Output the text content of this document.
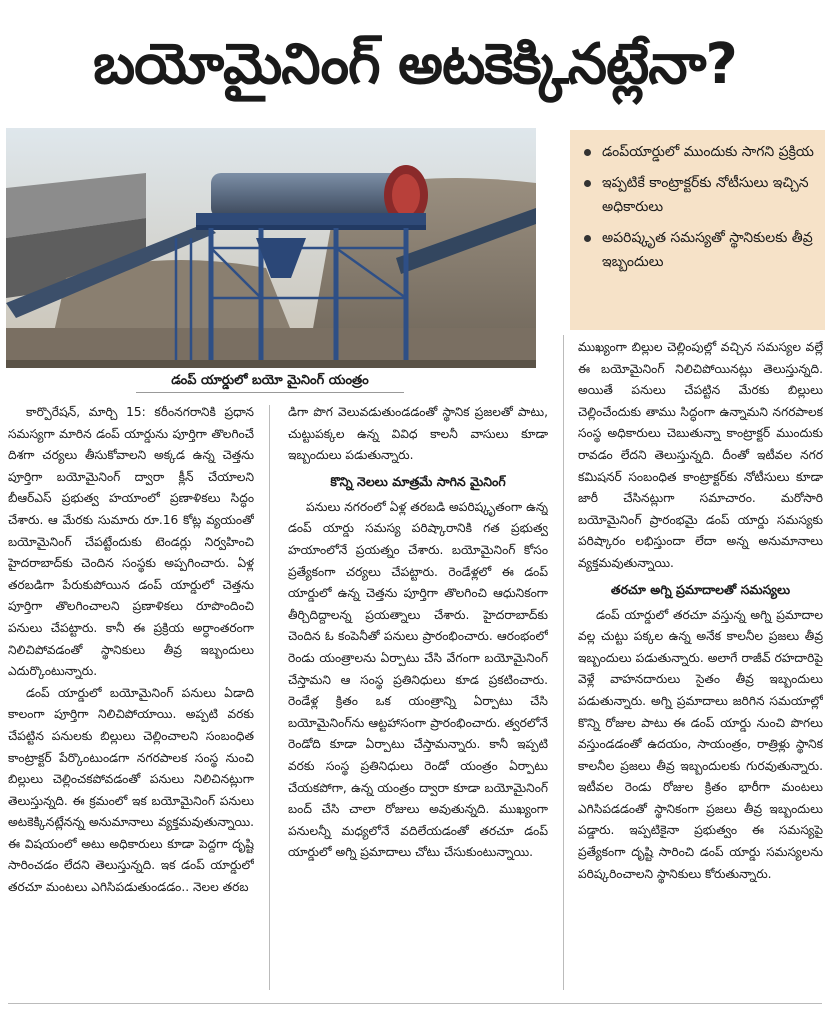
బయోమైనింగ్ అటకెక్కినట్లేనా?
డంప్ యార్డులో బయో మైనింగ్ యంత్రం
డంప్‌యార్డులో ముందుకు సాగని ప్రక్రియ
ఇప్పటికే కాంట్రాక్టర్‌కు నోటీసులు ఇచ్చిన అధికారులు
అపరిష్కృత సమస్యతో స్థానికులకు తీవ్ర ఇబ్బందులు

కార్పొరేషన్, మార్చి 15: కరీంనగరానికి ప్రధాన సమస్యగా మారిన డంప్ యార్డును పూర్తిగా తొలగించే దిశగా చర్యలు తీసుకోవాలని అక్కడ ఉన్న చెత్తను పూర్తిగా బయోమైనింగ్ ద్వారా క్లీన్ చేయాలని బీఆర్ఎస్ ప్రభుత్వ హయాంలో ప్రణాళికలు సిద్ధం చేశారు. ఆ మేరకు సుమారు రూ.16 కోట్ల వ్యయంతో బయోమైనింగ్ చేపట్టేందుకు టెండర్లు నిర్వహించి హైదరాబాద్‌కు చెందిన సంస్థకు అప్పగించారు. ఏళ్ల తరబడిగా పేరుకుపోయిన డంప్ యార్డులో చెత్తను పూర్తిగా తొలగించాలని ప్రణాళికలు రూపొందించి పనులు చేపట్టారు. కానీ ఈ ప్రక్రియ అర్ధాంతరంగా నిలిచిపోవడంతో స్థానికులు తీవ్ర ఇబ్బందులు ఎదుర్కొంటున్నారు.

డంప్ యార్డులో బయోమైనింగ్ పనులు ఏడాది కాలంగా పూర్తిగా నిలిచిపోయాయి. అప్పటి వరకు చేపట్టిన పనులకు బిల్లులు చెల్లించాలని సంబంధిత కాంట్రాక్టర్ పేర్కొంటుండగా నగరపాలక సంస్థ నుంచి బిల్లులు చెల్లించకపోవడంతో పనులు నిలిచినట్లుగా తెలుస్తున్నది. ఈ క్రమంలో ఇక బయోమైనింగ్ పనులు అటకెక్కినట్లేనన్న అనుమానాలు వ్యక్తమవుతున్నాయి. ఈ విషయంలో అటు అధికారులు కూడా పెద్దగా దృష్టి సారించడం లేదని తెలుస్తున్నది. ఇక డంప్ యార్డులో తరచూ మంటలు ఎగిసిపడుతుండడం.. నెలల తరబ

డిగా పొగ వెలువడుతుండడంతో స్థానిక ప్రజలతో పాటు, చుట్టుపక్కల ఉన్న వివిధ కాలనీ వాసులు కూడా ఇబ్బందులు పడుతున్నారు.

కొన్ని నెలలు మాత్రమే సాగిన మైనింగ్

పనులు నగరంలో ఏళ్ల తరబడి అపరిష్కృతంగా ఉన్న డంప్ యార్డు సమస్య పరిష్కారానికి గత ప్రభుత్వ హయాంలోనే ప్రయత్నం చేశారు. బయోమైనింగ్ కోసం ప్రత్యేకంగా చర్యలు చేపట్టారు. రెండేళ్లలో ఈ డంప్ యార్డులో ఉన్న చెత్తను పూర్తిగా తొలగించి ఆధునికంగా తీర్చిదిద్దాలన్న ప్రయత్నాలు చేశారు. హైదరాబాద్‌కు చెందిన ఓ కంపెనీతో పనులు ప్రారంభించారు. ఆరంభంలో రెండు యంత్రాలను ఏర్పాటు చేసి వేగంగా బయోమైనింగ్ చేస్తామని ఆ సంస్థ ప్రతినిధులు కూడ ప్రకటించారు. రెండేళ్ల క్రితం ఒక యంత్రాన్ని ఏర్పాటు చేసి బయోమైనింగ్‌ను ఆట్టహాసంగా ప్రారంభించారు. త్వరలోనే రెండోది కూడా ఏర్పాటు చేస్తామన్నారు. కానీ ఇప్పటి వరకు సంస్థ ప్రతినిధులు రెండో యంత్రం ఏర్పాటు చేయకపోగా, ఉన్న యంత్రం ద్వారా కూడా బయోమైనింగ్ బంద్ చేసి చాలా రోజులు అవుతున్నది. ముఖ్యంగా పనులన్నీ మధ్యలోనే వదిలేయడంతో తరచూ డంప్ యార్డులో అగ్ని ప్రమాదాలు చోటు చేసుకుంటున్నాయి.

ముఖ్యంగా బిల్లుల చెల్లింపుల్లో వచ్చిన సమస్యల వల్లే ఈ బయోమైనింగ్ నిలిచిపోయినట్లు తెలుస్తున్నది. అయితే పనులు చేపట్టిన మేరకు బిల్లులు చెల్లించేందుకు తాము సిద్ధంగా ఉన్నామని నగరపాలక సంస్థ అధికారులు చెబుతున్నా కాంట్రాక్టర్ ముందుకు రావడం లేదని తెలుస్తున్నది. దీంతో ఇటీవల నగర కమిషనర్ సంబంధిత కాంట్రాక్టర్‌కు నోటీసులు కూడా జారీ చేసినట్లుగా సమాచారం. మరోసారి బయోమైనింగ్ ప్రారంభమై డంప్ యార్డు సమస్యకు పరిష్కారం లభిస్తుందా లేదా అన్న అనుమానాలు వ్యక్తమవుతున్నాయి.

తరచూ అగ్ని ప్రమాదాలతో సమస్యలు

డంప్ యార్డులో తరచూ వస్తున్న అగ్ని ప్రమాదాల వల్ల చుట్టు పక్కల ఉన్న అనేక కాలనీల ప్రజలు తీవ్ర ఇబ్బందులు పడుతున్నారు. అలాగే రాజీవ్ రహదారిపై వెళ్లే వాహనదారులు సైతం తీవ్ర ఇబ్బందులు పడుతున్నారు. అగ్ని ప్రమాదాలు జరిగిన సమయాల్లో కొన్ని రోజుల పాటు ఈ డంప్ యార్డు నుంచి పొగలు వస్తుండడంతో ఉదయం, సాయంత్రం, రాత్రిళ్లు స్థానిక కాలనీల ప్రజలు తీవ్ర ఇబ్బందులకు గురవుతున్నారు. ఇటీవల రెండు రోజుల క్రితం భారీగా మంటలు ఎగిసిపడడంతో స్థానికంగా ప్రజలు తీవ్ర ఇబ్బందులు పడ్డారు. ఇప్పటికైనా ప్రభుత్వం ఈ సమస్యపై ప్రత్యేకంగా దృష్టి సారించి డంప్ యార్డు సమస్యలను పరిష్కరించాలని స్థానికులు కోరుతున్నారు.
